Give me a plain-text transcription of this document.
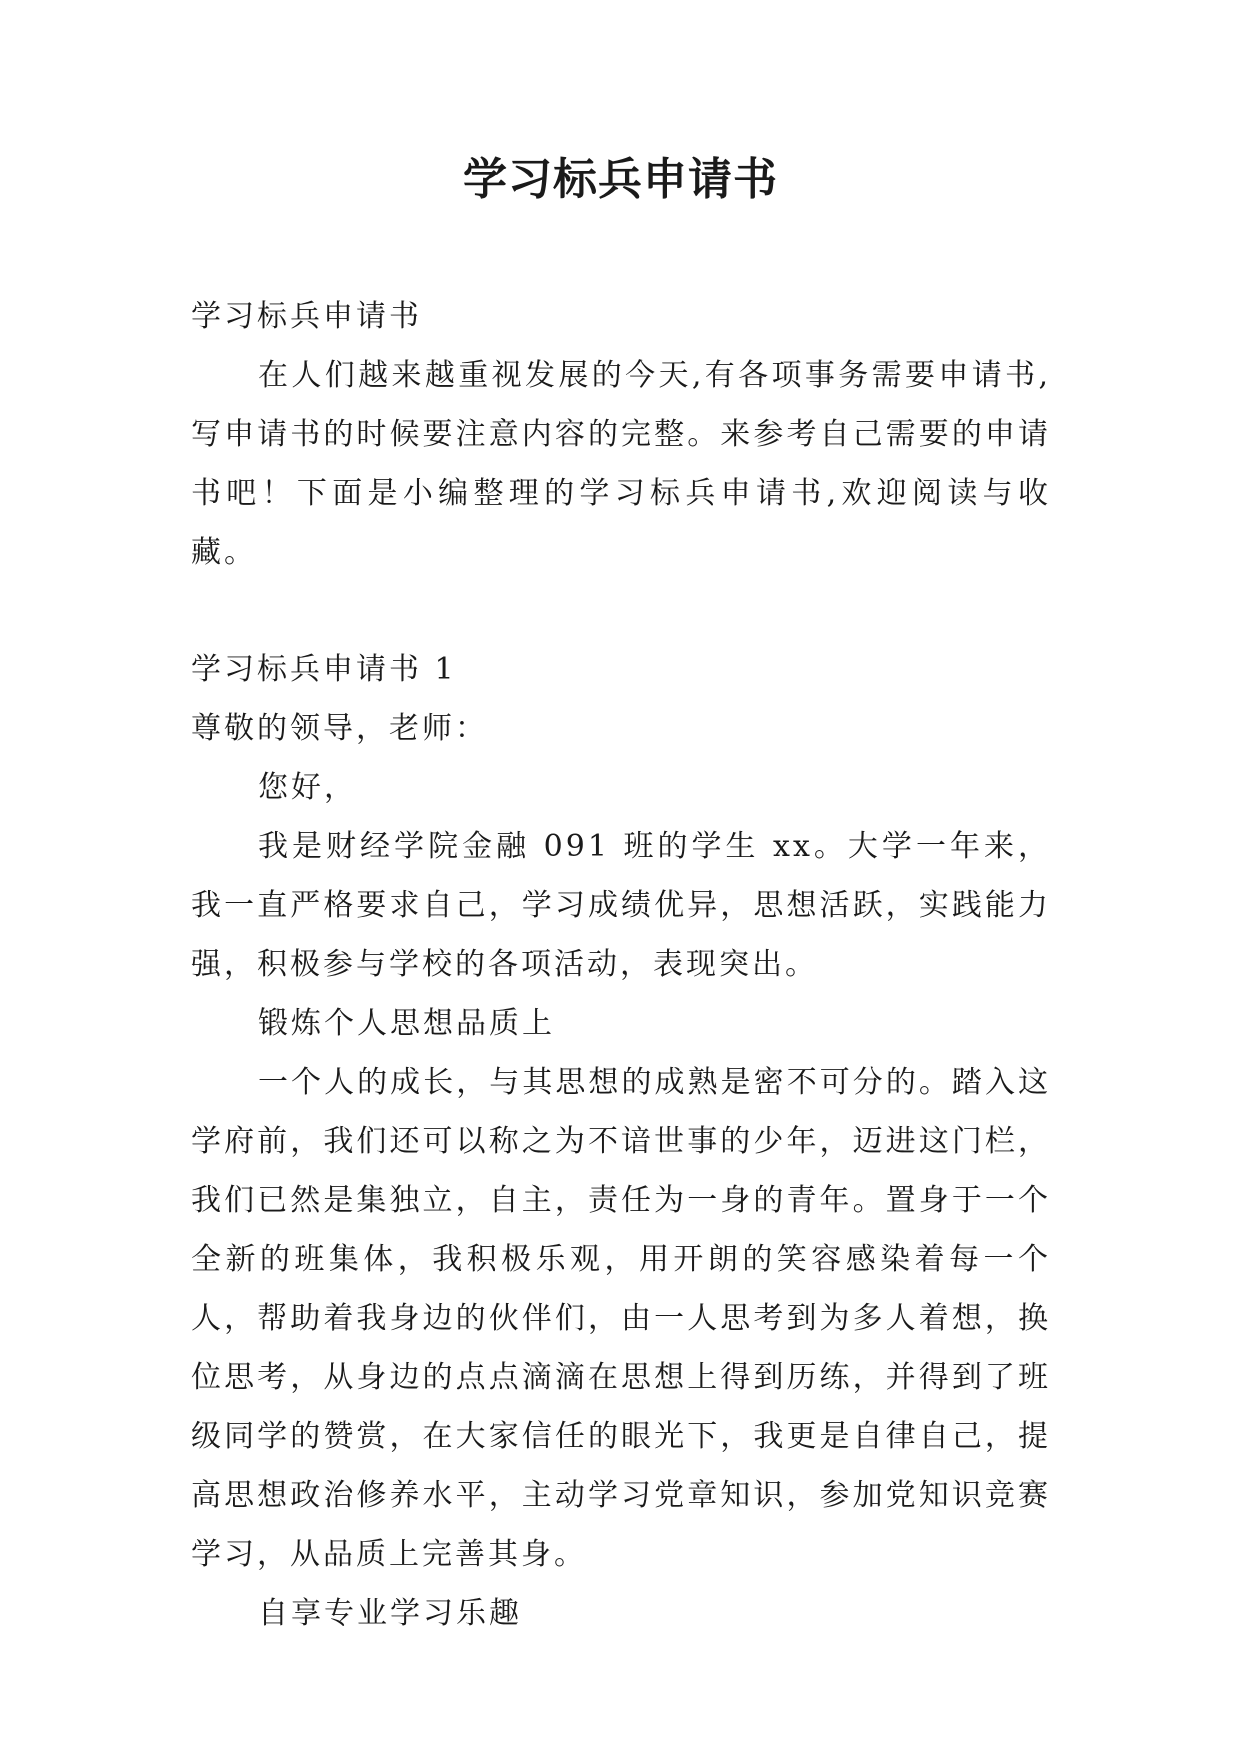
学习标兵申请书

学习标兵申请书

在人们越来越重视发展的今天,有各项事务需要申请书,写申请书的时候要注意内容的完整。来参考自己需要的申请书吧！下面是小编整理的学习标兵申请书,欢迎阅读与收藏。

学习标兵申请书 1

尊敬的领导，老师：

您好，

我是财经学院金融 091 班的学生 xx。大学一年来，我一直严格要求自己，学习成绩优异，思想活跃，实践能力强，积极参与学校的各项活动，表现突出。

锻炼个人思想品质上

一个人的成长，与其思想的成熟是密不可分的。踏入这学府前，我们还可以称之为不谙世事的少年，迈进这门栏，我们已然是集独立，自主，责任为一身的青年。置身于一个全新的班集体，我积极乐观，用开朗的笑容感染着每一个人，帮助着我身边的伙伴们，由一人思考到为多人着想，换位思考，从身边的点点滴滴在思想上得到历练，并得到了班级同学的赞赏，在大家信任的眼光下，我更是自律自己，提高思想政治修养水平，主动学习党章知识，参加党知识竞赛学习，从品质上完善其身。

自享专业学习乐趣
